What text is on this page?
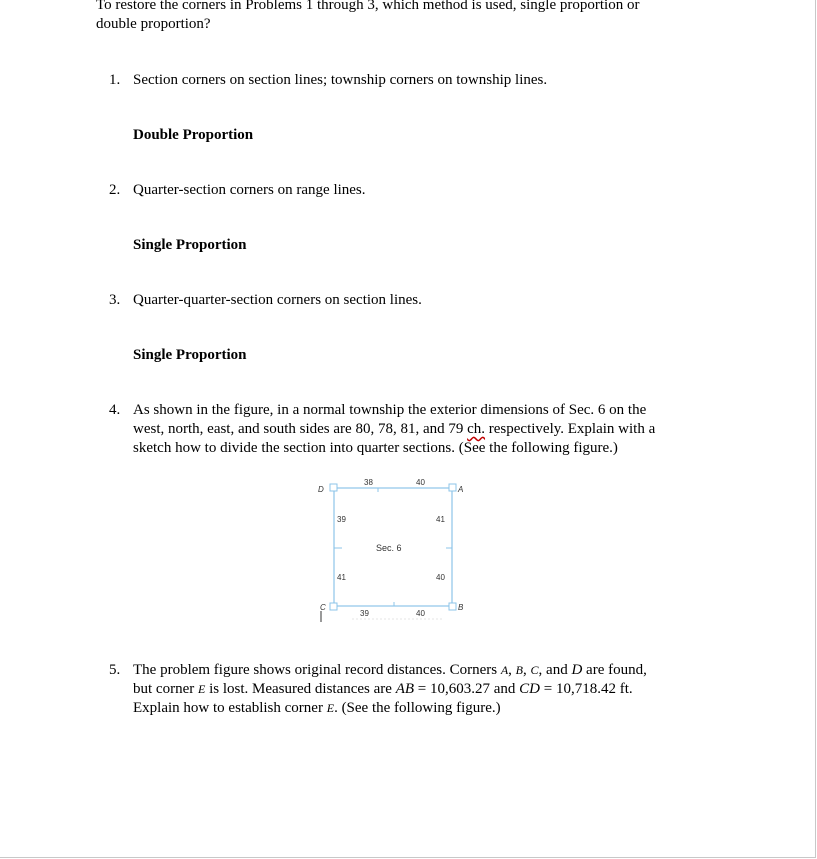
To restore the corners in Problems 1 through 3, which method is used, single proportion or double proportion?
1. Section corners on section lines; township corners on township lines.
Double Proportion
2. Quarter-section corners on range lines.
Single Proportion
3. Quarter-quarter-section corners on section lines.
Single Proportion
4. As shown in the figure, in a normal township the exterior dimensions of Sec. 6 on the west, north, east, and south sides are 80, 78, 81, and 79 ch. respectively. Explain with a sketch how to divide the section into quarter sections. (See the following figure.)
D	A
C	B
38	40
39
41
41
40
39	40
Sec. 6
5. The problem figure shows original record distances. Corners A, B, C, and D are found, but corner E is lost. Measured distances are AB = 10,603.27 and CD = 10,718.42 ft. Explain how to establish corner E. (See the following figure.)
